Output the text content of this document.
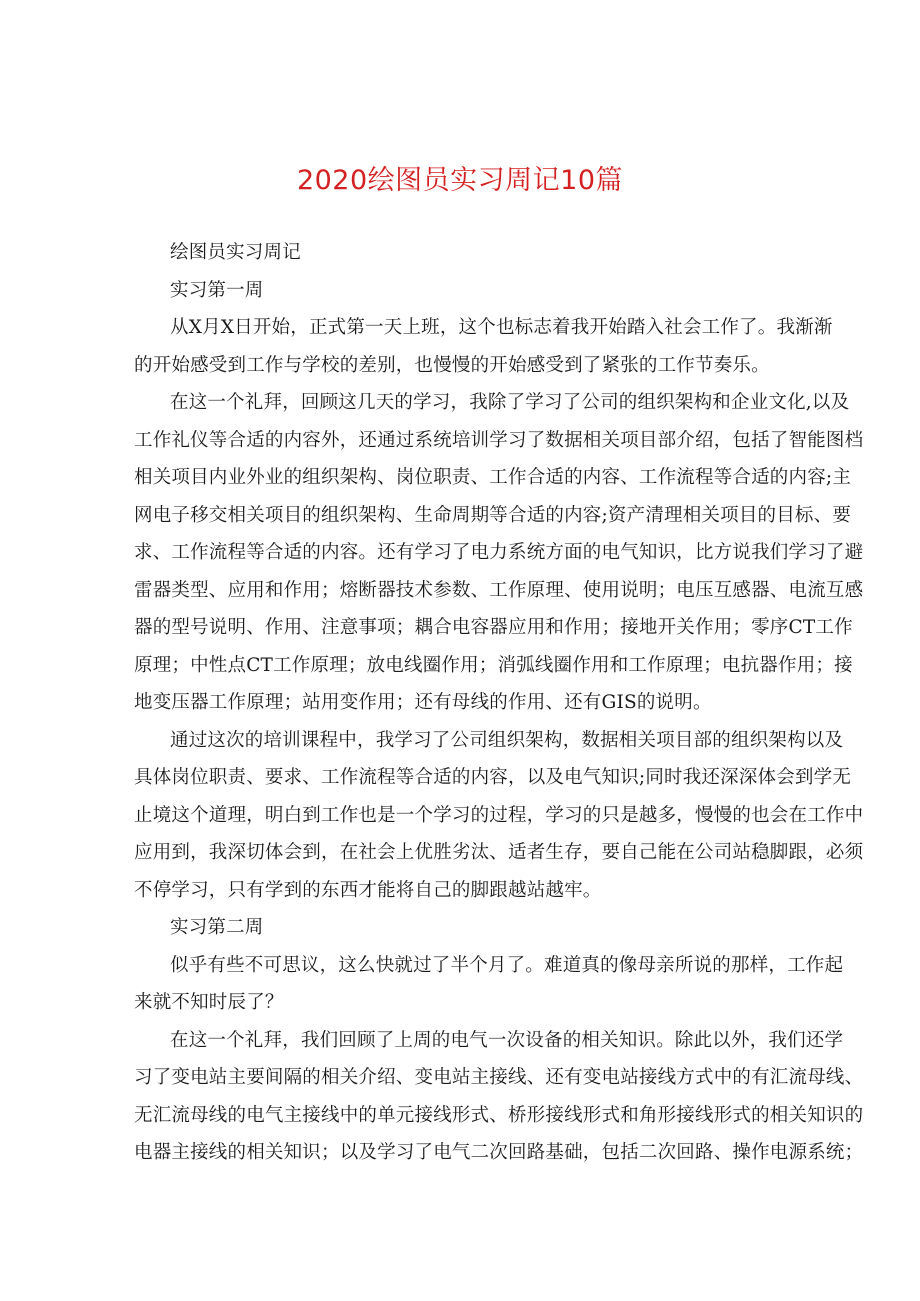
2020绘图员实习周记10篇
绘图员实习周记
实习第一周
从X月X日开始，正式第一天上班，这个也标志着我开始踏入社会工作了。我渐渐
的开始感受到工作与学校的差别，也慢慢的开始感受到了紧张的工作节奏乐。
在这一个礼拜，回顾这几天的学习，我除了学习了公司的组织架构和企业文化,以及
工作礼仪等合适的内容外，还通过系统培训学习了数据相关项目部介绍，包括了智能图档
相关项目内业外业的组织架构、岗位职责、工作合适的内容、工作流程等合适的内容;主
网电子移交相关项目的组织架构、生命周期等合适的内容;资产清理相关项目的目标、要
求、工作流程等合适的内容。还有学习了电力系统方面的电气知识，比方说我们学习了避
雷器类型、应用和作用；熔断器技术参数、工作原理、使用说明；电压互感器、电流互感
器的型号说明、作用、注意事项；耦合电容器应用和作用；接地开关作用；零序CT工作
原理；中性点CT工作原理；放电线圈作用；消弧线圈作用和工作原理；电抗器作用；接
地变压器工作原理；站用变作用；还有母线的作用、还有GIS的说明。
通过这次的培训课程中，我学习了公司组织架构，数据相关项目部的组织架构以及
具体岗位职责、要求、工作流程等合适的内容，以及电气知识;同时我还深深体会到学无
止境这个道理，明白到工作也是一个学习的过程，学习的只是越多，慢慢的也会在工作中
应用到，我深切体会到，在社会上优胜劣汰、适者生存，要自己能在公司站稳脚跟，必须
不停学习，只有学到的东西才能将自己的脚跟越站越牢。
实习第二周
似乎有些不可思议，这么快就过了半个月了。难道真的像母亲所说的那样，工作起
来就不知时辰了？
在这一个礼拜，我们回顾了上周的电气一次设备的相关知识。除此以外，我们还学
习了变电站主要间隔的相关介绍、变电站主接线、还有变电站接线方式中的有汇流母线、
无汇流母线的电气主接线中的单元接线形式、桥形接线形式和角形接线形式的相关知识的
电器主接线的相关知识；以及学习了电气二次回路基础，包括二次回路、操作电源系统；
